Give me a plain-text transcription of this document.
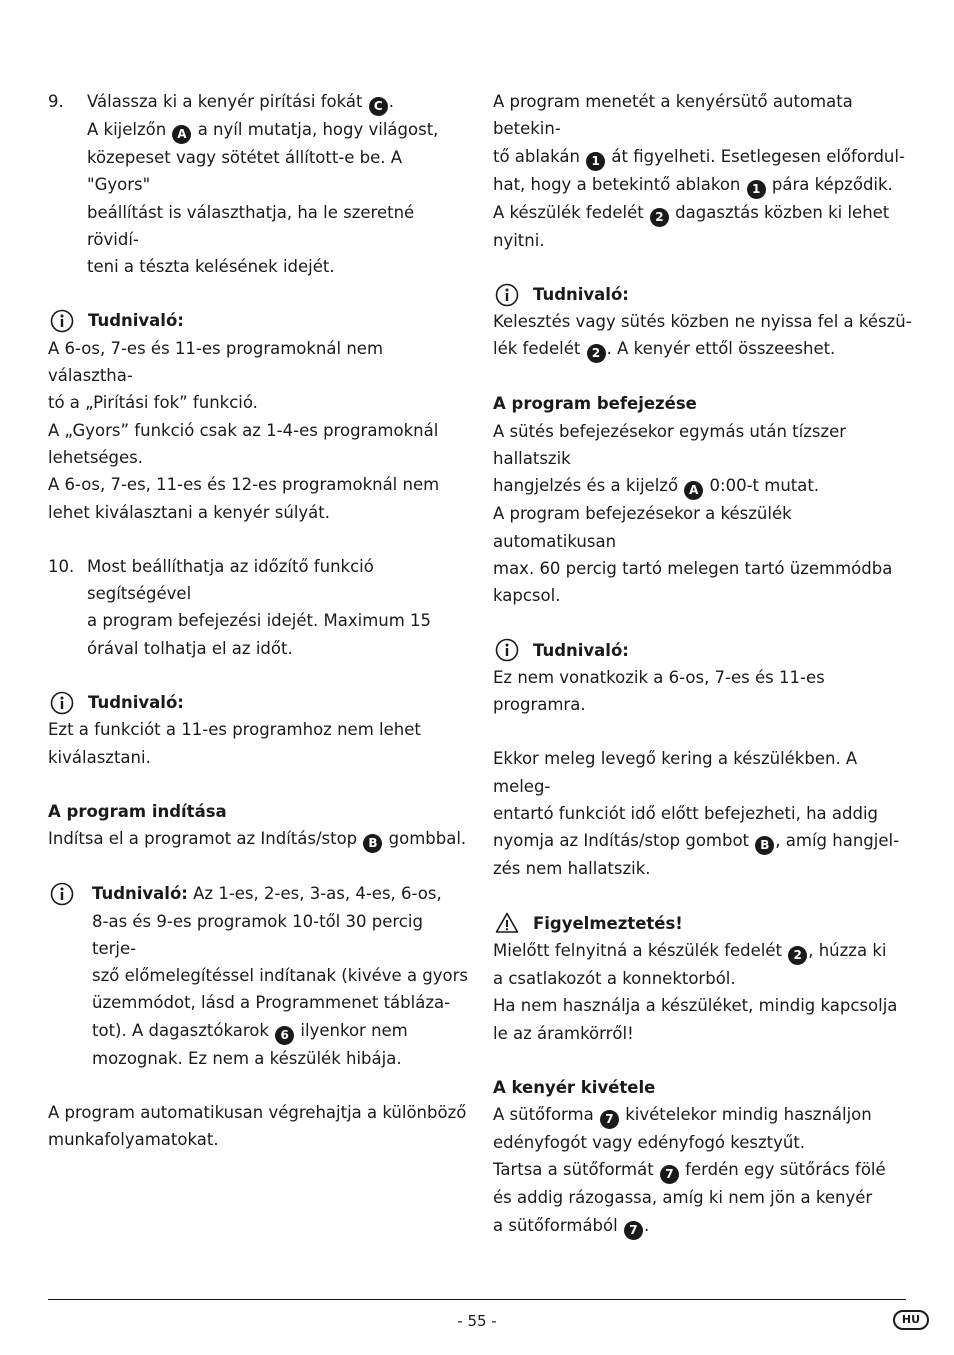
9. Válassza ki a kenyér pirítási fokát C .

A kijelzőn A a nyíl mutatja, hogy világost,

közepeset vagy sötétet állított-e be. A "Gyors"

beállítást is választhatja, ha le szeretné rövidí-

teni a tészta kelésének idejét.

Tudnivaló:

A 6-os, 7-es és 11-es programoknál nem választha-

tó a „Pirítási fok” funkció.

A „Gyors” funkció csak az 1-4-es programoknál

lehetséges.

A 6-os, 7-es, 11-es és 12-es programoknál nem

lehet kiválasztani a kenyér súlyát.

10. Most beállíthatja az időzítő funkció segítségével

a program befejezési idejét. Maximum 15

órával tolhatja el az időt.

Tudnivaló:

Ezt a funkciót a 11-es programhoz nem lehet

kiválasztani.

A program indítása

Indítsa el a programot az Indítás/stop B gombbal.

Tudnivaló: Az 1-es, 2-es, 3-as, 4-es, 6-os,

8-as és 9-es programok 10-től 30 percig terje-

sző előmelegítéssel indítanak (kivéve a gyors

üzemmódot, lásd a Programmenet tábláza-

tot). A dagasztókarok 6 ilyenkor nem

mozognak. Ez nem a készülék hibája.

A program automatikusan végrehajtja a különböző

munkafolyamatokat.

A program menetét a kenyérsütő automata betekin-

tő ablakán 1 át figyelheti. Esetlegesen előfordul-

hat, hogy a betekintő ablakon 1 pára képződik.

A készülék fedelét 2 dagasztás közben ki lehet

nyitni.

Tudnivaló:

Kelesztés vagy sütés közben ne nyissa fel a készü-

lék fedelét 2 . A kenyér ettől összeeshet.

A program befejezése

A sütés befejezésekor egymás után tízszer hallatszik

hangjelzés és a kijelző A 0:00-t mutat.

A program befejezésekor a készülék automatikusan

max. 60 percig tartó melegen tartó üzemmódba

kapcsol.

Tudnivaló:

Ez nem vonatkozik a 6-os, 7-es és 11-es programra.

Ekkor meleg levegő kering a készülékben. A meleg-

entartó funkciót idő előtt befejezheti, ha addig

nyomja az Indítás/stop gombot B , amíg hangjel-

zés nem hallatszik.

Figyelmeztetés!

Mielőtt felnyitná a készülék fedelét 2 , húzza ki

a csatlakozót a konnektorból.

Ha nem használja a készüléket, mindig kapcsolja

le az áramkörről!

A kenyér kivétele

A sütőforma 7 kivételekor mindig használjon

edényfogót vagy edényfogó kesztyűt.

Tartsa a sütőformát 7 ferdén egy sütőrács fölé

és addig rázogassa, amíg ki nem jön a kenyér

a sütőformából 7 .

- 55 -	HU
